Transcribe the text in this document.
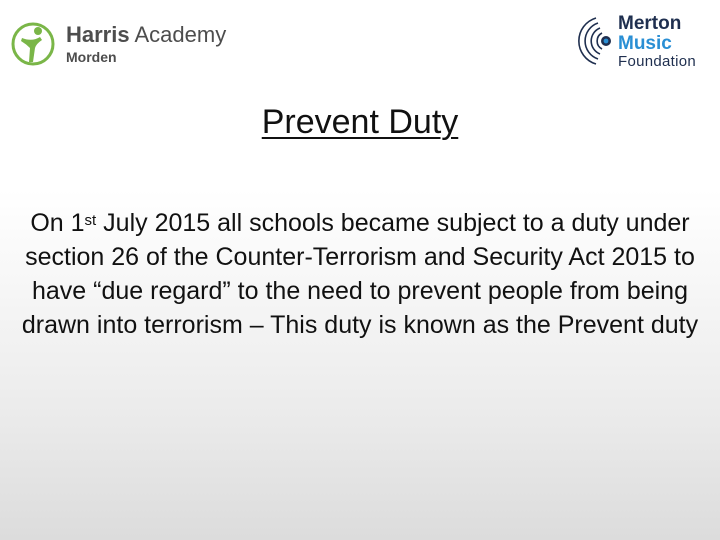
Harris Academy
Morden
Merton
Music
Foundation
Prevent Duty
On 1st July 2015 all schools became subject to a duty under section 26 of the Counter-Terrorism and Security Act 2015 to have “due regard” to the need to prevent people from being drawn into terrorism – This duty is known as the Prevent duty
